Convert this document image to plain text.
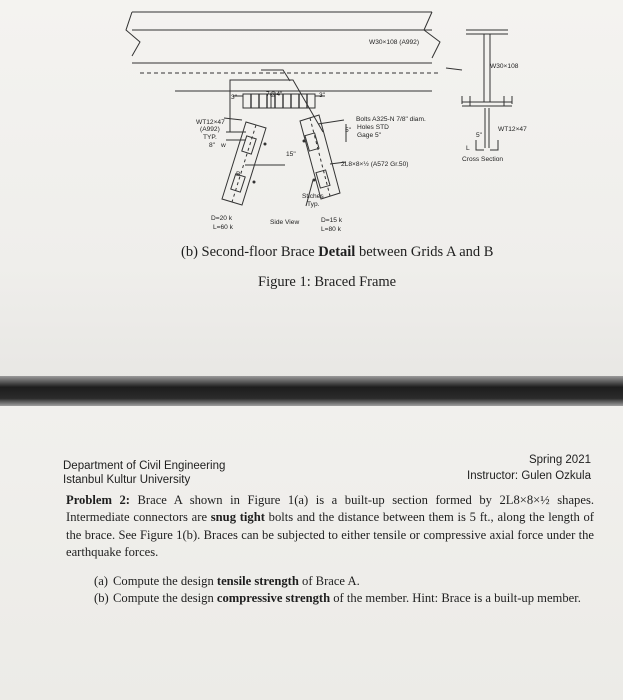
W30×108 (A992)
W30×108
WT12×47
(A992)
TYP.
8" w
3"	7@4"	3"
Bolts A325-N 7/8" diam.
Holes STD
Gage 5"
5"
B
15"
2L8×8×½ (A572 Gr.50)
Stiches
Typ.
Side View
D=20 k
L=60 k
D=15 k
L=80 k
WT12×47
5"
L
Cross Section
(b) Second-floor Brace Detail between Grids A and B
Figure 1: Braced Frame
Department of Civil Engineering
Istanbul Kultur University
Spring 2021
Instructor: Gulen Ozkula
Problem 2: Brace A shown in Figure 1(a) is a built-up section formed by 2L8×8×½ shapes. Intermediate connectors are snug tight bolts and the distance between them is 5 ft., along the length of the brace. See Figure 1(b). Braces can be subjected to either tensile or compressive axial force under the earthquake forces.
(a) Compute the design tensile strength of Brace A.
(b) Compute the design compressive strength of the member. Hint: Brace is a built-up member.
